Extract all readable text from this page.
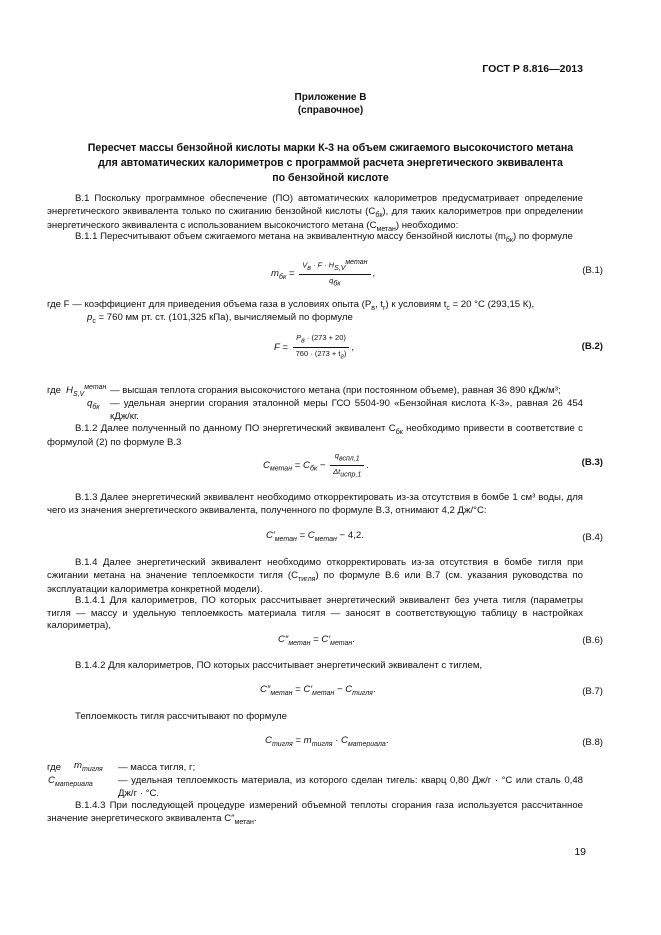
ГОСТ Р 8.816—2013
Приложение В
(справочное)
Пересчет массы бензойной кислоты марки К-3 на объем сжигаемого высокочистого метана
для автоматических калориметров с программой расчета энергетического эквивалента
по бензойной кислоте
В.1 Поскольку программное обеспечение (ПО) автоматических калориметров предусматривает определение энергетического эквивалента только по сжиганию бензойной кислоты $(C_{бк})$, для таких калориметров при определении энергетического эквивалента с использованием высокочистого метана $(C_{метан})$ необходимо:
В.1.1 Пересчитывают объем сжигаемого метана на эквивалентную массу бензойной кислоты $(m_{бк})$ по формуле
$m_{бк}$ =
$V_в \cdot F \cdot H_{S,V}^{метан}$
$q_{бк}$
,	(В.1)
где F — коэффициент для приведения объема газа в условиях опыта ($P_в$, $t_г$) к условиям $t_с = 20$ °C (293,15 К),
$p_с = 760$ мм рт. ст. (101,325 кПа), вычисляемый по формуле
F =
$P_в \cdot (273 + 20)$
$760 \cdot (273 + t_г)$
,	(В.2)
где $H_{S,V}^{метан}$ — высшая теплота сгорания высокочистого метана (при постоянном объеме), равная 36 890 кДж/м³;
$q_{бк}$ — удельная энергии сгорания эталонной меры ГСО 5504-90 «Бензойная кислота К-3», равная 26 454 кДж/кг.
В.1.2 Далее полученный по данному ПО энергетический эквивалент $C_{бк}$ необходимо привести в соответствие с формулой (2) по формуле В.3
$C_{метан} = C_{бк}$ −
$q_{вспл,1}$
$\Delta t_{испр,1}$
.	(В.3)
В.1.3 Далее энергетический эквивалент необходимо откорректировать из-за отсутствия в бомбе 1 см³ воды, для чего из значения энергетического эквивалента, полученного по формуле В.3, отнимают 4,2 Дж/°С:
$C'_{метан} = C_{метан} - 4,2$.	(В.4)
В.1.4 Далее энергетический эквивалент необходимо откорректировать из-за отсутствия в бомбе тигля при сжигании метана на значение теплоемкости тигля $(C_{тигля})$ по формуле В.6 или В.7 (см. указания руководства по эксплуатации калориметра конкретной модели).
В.1.4.1 Для калориметров, ПО которых рассчитывает энергетический эквивалент без учета тигля (параметры тигля — массу и удельную теплоемкость материала тигля — заносят в соответствующую таблицу в настройках калориметра),
$C''_{метан} = C'_{метан}$.	(В.6)
В.1.4.2 Для калориметров, ПО которых рассчитывает энергетический эквивалент с тиглем,
$C''_{метан} = C'_{метан} - C_{тигля}$.	(В.7)
Теплоемкость тигля рассчитывают по формуле
$C_{тигля} = m_{тигля} \cdot C_{материала}$.	(В.8)
где $m_{тигля}$ — масса тигля, г;
$C_{материала}$	— удельная теплоемкость материала, из которого сделан тигель: кварц 0,80 Дж/г · °С или сталь 0,48 Дж/г · °С.
В.1.4.3 При последующей процедуре измерений объемной теплоты сгорания газа используется рассчитанное значение энергетического эквивалента $C''_{метан}$.
19
